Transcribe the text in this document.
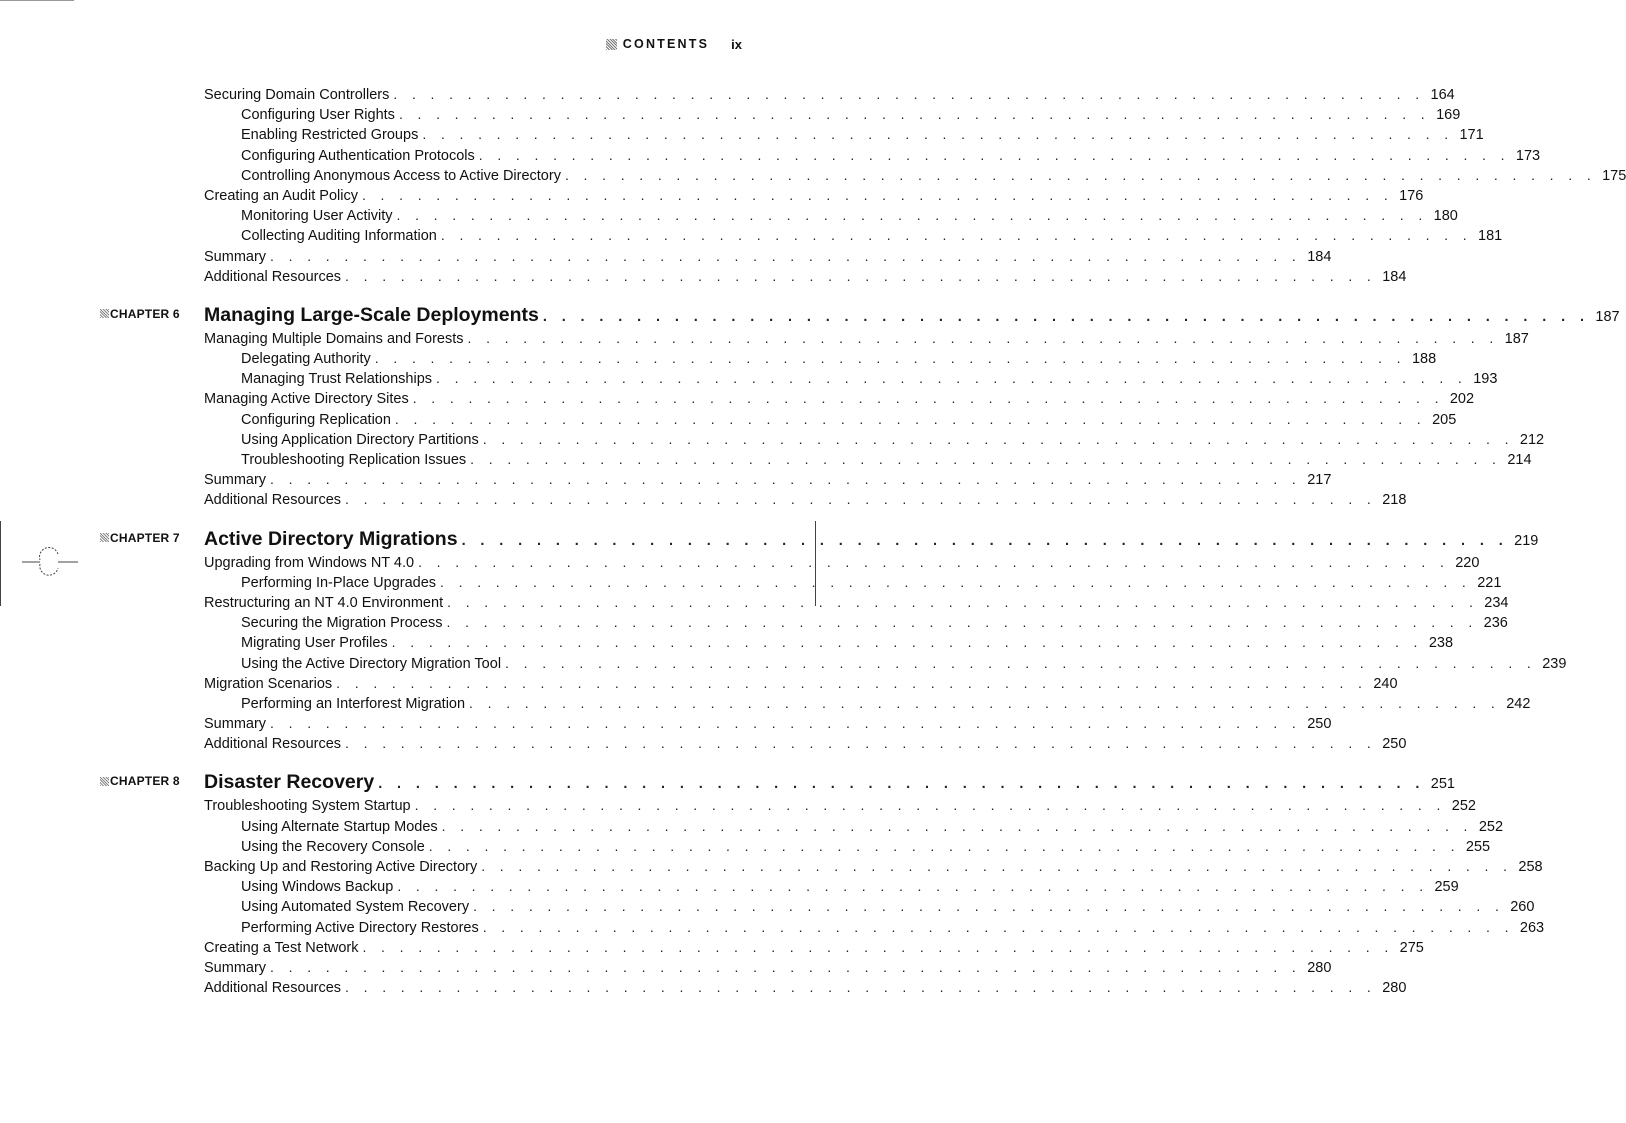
CONTENTS ix
Securing Domain Controllers . . . . . . . . . . . . . . . . . . . . . . . . . . . . . . . . . . . . . . . . . . . . . . . . . . . . . . . . 164
Configuring User Rights . . . . . . . . . . . . . . . . . . . . . . . . . . . . . . . . . . . . . . . . . . . . . . . . . . . . . . . . 169
Enabling Restricted Groups . . . . . . . . . . . . . . . . . . . . . . . . . . . . . . . . . . . . . . . . . . . . . . . . . . . . . . . . 171
Configuring Authentication Protocols . . . . . . . . . . . . . . . . . . . . . . . . . . . . . . . . . . . . . . . . . . . . . . . . . . . . . . . . 173
Controlling Anonymous Access to Active Directory . . . . . . . . . . . . . . . . . . . . . . . . . . . . . . . . . . . . . . . . . . . . . . . . . . . . . . . . 175
Creating an Audit Policy . . . . . . . . . . . . . . . . . . . . . . . . . . . . . . . . . . . . . . . . . . . . . . . . . . . . . . . . 176
Monitoring User Activity . . . . . . . . . . . . . . . . . . . . . . . . . . . . . . . . . . . . . . . . . . . . . . . . . . . . . . . . 180
Collecting Auditing Information . . . . . . . . . . . . . . . . . . . . . . . . . . . . . . . . . . . . . . . . . . . . . . . . . . . . . . . . 181
Summary . . . . . . . . . . . . . . . . . . . . . . . . . . . . . . . . . . . . . . . . . . . . . . . . . . . . . . . . 184
Additional Resources . . . . . . . . . . . . . . . . . . . . . . . . . . . . . . . . . . . . . . . . . . . . . . . . . . . . . . . . 184
CHAPTER 6 Managing Large-Scale Deployments . . . . . . . . . . . . . . . . . . . . . . . . . . . . . . . . . . . . . . . . . . . . . . . . . . . . . . . . 187
Managing Multiple Domains and Forests . . . . . . . . . . . . . . . . . . . . . . . . . . . . . . . . . . . . . . . . . . . . . . . . . . . . . . . . 187
Delegating Authority . . . . . . . . . . . . . . . . . . . . . . . . . . . . . . . . . . . . . . . . . . . . . . . . . . . . . . . . 188
Managing Trust Relationships . . . . . . . . . . . . . . . . . . . . . . . . . . . . . . . . . . . . . . . . . . . . . . . . . . . . . . . . 193
Managing Active Directory Sites . . . . . . . . . . . . . . . . . . . . . . . . . . . . . . . . . . . . . . . . . . . . . . . . . . . . . . . . 202
Configuring Replication . . . . . . . . . . . . . . . . . . . . . . . . . . . . . . . . . . . . . . . . . . . . . . . . . . . . . . . . 205
Using Application Directory Partitions . . . . . . . . . . . . . . . . . . . . . . . . . . . . . . . . . . . . . . . . . . . . . . . . . . . . . . . . 212
Troubleshooting Replication Issues . . . . . . . . . . . . . . . . . . . . . . . . . . . . . . . . . . . . . . . . . . . . . . . . . . . . . . . . 214
Summary . . . . . . . . . . . . . . . . . . . . . . . . . . . . . . . . . . . . . . . . . . . . . . . . . . . . . . . . 217
Additional Resources . . . . . . . . . . . . . . . . . . . . . . . . . . . . . . . . . . . . . . . . . . . . . . . . . . . . . . . . 218
CHAPTER 7 Active Directory Migrations . . . . . . . . . . . . . . . . . . . . . . . . . . . . . . . . . . . . . . . . . . . . . . . . . . . . . . . . 219
Upgrading from Windows NT 4.0 . . . . . . . . . . . . . . . . . . . . . . . . . . . . . . . . . . . . . . . . . . . . . . . . . . . . . . . . 220
Performing In-Place Upgrades . . . . . . . . . . . . . . . . . . . . . . . . . . . . . . . . . . . . . . . . . . . . . . . . . . . . . . . . 221
Restructuring an NT 4.0 Environment . . . . . . . . . . . . . . . . . . . . . . . . . . . . . . . . . . . . . . . . . . . . . . . . . . . . . . . . 234
Securing the Migration Process . . . . . . . . . . . . . . . . . . . . . . . . . . . . . . . . . . . . . . . . . . . . . . . . . . . . . . . . 236
Migrating User Profiles . . . . . . . . . . . . . . . . . . . . . . . . . . . . . . . . . . . . . . . . . . . . . . . . . . . . . . . . 238
Using the Active Directory Migration Tool . . . . . . . . . . . . . . . . . . . . . . . . . . . . . . . . . . . . . . . . . . . . . . . . . . . . . . . . 239
Migration Scenarios . . . . . . . . . . . . . . . . . . . . . . . . . . . . . . . . . . . . . . . . . . . . . . . . . . . . . . . . 240
Performing an Interforest Migration . . . . . . . . . . . . . . . . . . . . . . . . . . . . . . . . . . . . . . . . . . . . . . . . . . . . . . . . 242
Summary . . . . . . . . . . . . . . . . . . . . . . . . . . . . . . . . . . . . . . . . . . . . . . . . . . . . . . . . 250
Additional Resources . . . . . . . . . . . . . . . . . . . . . . . . . . . . . . . . . . . . . . . . . . . . . . . . . . . . . . . . 250
CHAPTER 8 Disaster Recovery . . . . . . . . . . . . . . . . . . . . . . . . . . . . . . . . . . . . . . . . . . . . . . . . . . . . . . . . 251
Troubleshooting System Startup . . . . . . . . . . . . . . . . . . . . . . . . . . . . . . . . . . . . . . . . . . . . . . . . . . . . . . . . 252
Using Alternate Startup Modes . . . . . . . . . . . . . . . . . . . . . . . . . . . . . . . . . . . . . . . . . . . . . . . . . . . . . . . . 252
Using the Recovery Console . . . . . . . . . . . . . . . . . . . . . . . . . . . . . . . . . . . . . . . . . . . . . . . . . . . . . . . . 255
Backing Up and Restoring Active Directory . . . . . . . . . . . . . . . . . . . . . . . . . . . . . . . . . . . . . . . . . . . . . . . . . . . . . . . . 258
Using Windows Backup . . . . . . . . . . . . . . . . . . . . . . . . . . . . . . . . . . . . . . . . . . . . . . . . . . . . . . . . 259
Using Automated System Recovery . . . . . . . . . . . . . . . . . . . . . . . . . . . . . . . . . . . . . . . . . . . . . . . . . . . . . . . . 260
Performing Active Directory Restores . . . . . . . . . . . . . . . . . . . . . . . . . . . . . . . . . . . . . . . . . . . . . . . . . . . . . . . . 263
Creating a Test Network . . . . . . . . . . . . . . . . . . . . . . . . . . . . . . . . . . . . . . . . . . . . . . . . . . . . . . . . 275
Summary . . . . . . . . . . . . . . . . . . . . . . . . . . . . . . . . . . . . . . . . . . . . . . . . . . . . . . . . 280
Additional Resources . . . . . . . . . . . . . . . . . . . . . . . . . . . . . . . . . . . . . . . . . . . . . . . . . . . . . . . . 280
